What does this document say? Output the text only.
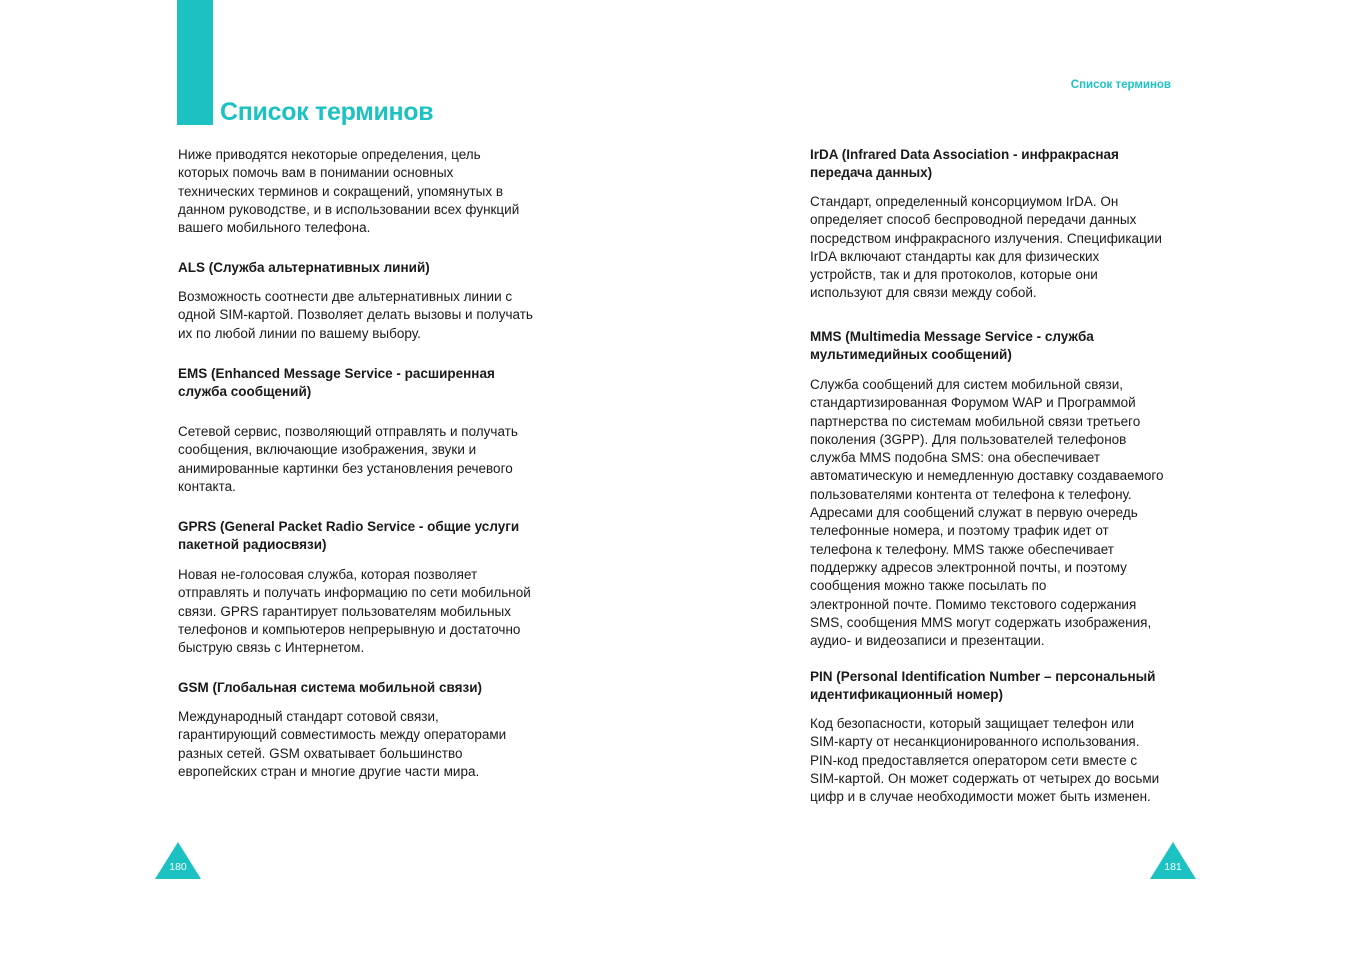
Список терминов
Список терминов

Ниже приводятся некоторые определения, цель

которых помочь вам в понимании основных

технических терминов и сокращений, упомянутых в

данном руководстве, и в использовании всех функций

вашего мобильного телефона.

ALS (Служба альтернативных линий)

Возможность соотнести две альтернативных линии с

одной SIM-картой. Позволяет делать вызовы и получать

их по любой линии по вашему выбору.

EMS (Enhanced Message Service - расширенная

служба сообщений)

Сетевой сервис, позволяющий отправлять и получать

сообщения, включающие изображения, звуки и

анимированные картинки без установления речевого

контакта.

GPRS (General Packet Radio Service - общие услуги

пакетной радиосвязи)

Новая не-голосовая служба, которая позволяет

отправлять и получать информацию по сети мобильной

связи. GPRS гарантирует пользователям мобильных

телефонов и компьютеров непрерывную и достаточно

быструю связь с Интернетом.

GSM (Глобальная система мобильной связи)

Международный стандарт сотовой связи,

гарантирующий совместимость между операторами

разных сетей. GSM охватывает большинство

европейских стран и многие другие части мира.

IrDA (Infrared Data Association - инфракрасная

передача данных)

Стандарт, определенный консорциумом IrDA. Он

определяет способ беспроводной передачи данных

посредством инфракрасного излучения. Спецификации

IrDA включают стандарты как для физических

устройств, так и для протоколов, которые они

используют для связи между собой.

MMS (Multimedia Message Service - служба

мультимедийных сообщений)

Служба сообщений для систем мобильной связи,

стандартизированная Форумом WAP и Программой

партнерства по системам мобильной связи третьего

поколения (3GPP). Для пользователей телефонов

служба MMS подобна SMS: она обеспечивает

автоматическую и немедленную доставку создаваемого

пользователями контента от телефона к телефону.

Адресами для сообщений служат в первую очередь

телефонные номера, и поэтому трафик идет от

телефона к телефону. MMS также обеспечивает

поддержку адресов электронной почты, и поэтому

сообщения можно также посылать по

электронной почте. Помимо текстового содержания

SMS, сообщения MMS могут содержать изображения,

аудио- и видеозаписи и презентации.

PIN (Personal Identification Number – персональный

идентификационный номер)

Код безопасности, который защищает телефон или

SIM-карту от несанкционированного использования.

PIN-код предоставляется оператором сети вместе с

SIM-картой. Он может содержать от четырех до восьми

цифр и в случае необходимости может быть изменен.

180	181
